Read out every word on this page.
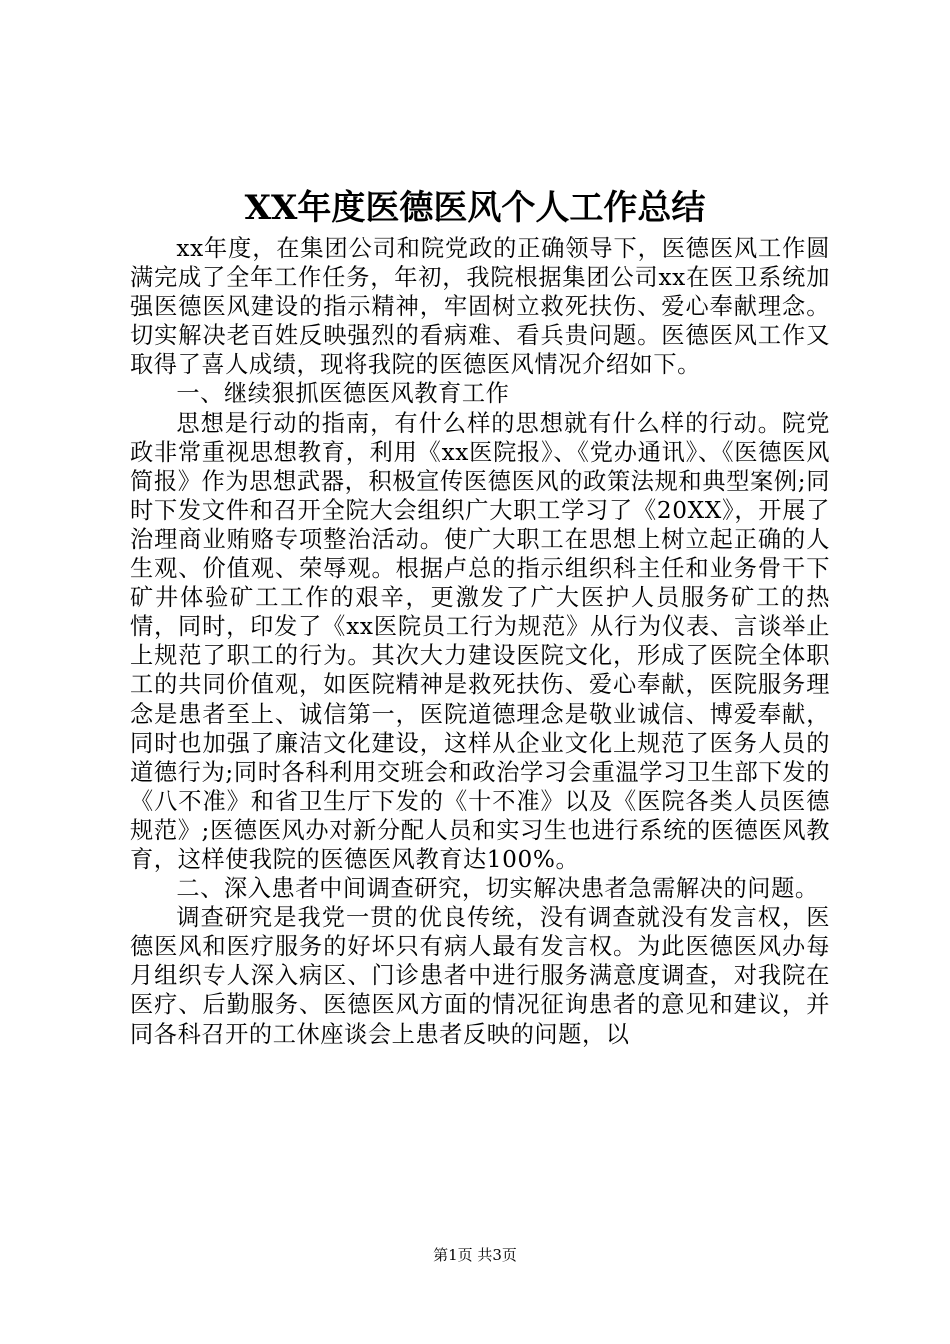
XX年度医德医风个人工作总结

xx年度，在集团公司和院党政的正确领导下，医德医风工作圆满完成了全年工作任务，年初，我院根据集团公司xx在医卫系统加强医德医风建设的指示精神，牢固树立救死扶伤、爱心奉献理念。切实解决老百姓反映强烈的看病难、看兵贵问题。医德医风工作又取得了喜人成绩，现将我院的医德医风情况介绍如下。

一、继续狠抓医德医风教育工作

思想是行动的指南，有什么样的思想就有什么样的行动。院党政非常重视思想教育，利用《xx医院报》、《党办通讯》、《医德医风简报》作为思想武器，积极宣传医德医风的政策法规和典型案例;同时下发文件和召开全院大会组织广大职工学习了《20XX》，开展了治理商业贿赂专项整治活动。使广大职工在思想上树立起正确的人生观、价值观、荣辱观。根据卢总的指示组织科主任和业务骨干下矿井体验矿工工作的艰辛，更激发了广大医护人员服务矿工的热情，同时，印发了《xx医院员工行为规范》从行为仪表、言谈举止上规范了职工的行为。其次大力建设医院文化，形成了医院全体职工的共同价值观，如医院精神是救死扶伤、爱心奉献，医院服务理念是患者至上、诚信第一，医院道德理念是敬业诚信、博爱奉献，同时也加强了廉洁文化建设，这样从企业文化上规范了医务人员的道德行为;同时各科利用交班会和政治学习会重温学习卫生部下发的《八不准》和省卫生厅下发的《十不准》以及《医院各类人员医德规范》;医德医风办对新分配人员和实习生也进行系统的医德医风教育，这样使我院的医德医风教育达100%。

二、深入患者中间调查研究，切实解决患者急需解决的问题。

调查研究是我党一贯的优良传统，没有调查就没有发言权，医德医风和医疗服务的好坏只有病人最有发言权。为此医德医风办每月组织专人深入病区、门诊患者中进行服务满意度调查，对我院在医疗、后勤服务、医德医风方面的情况征询患者的意见和建议，并同各科召开的工休座谈会上患者反映的问题，以

第1页 共3页
